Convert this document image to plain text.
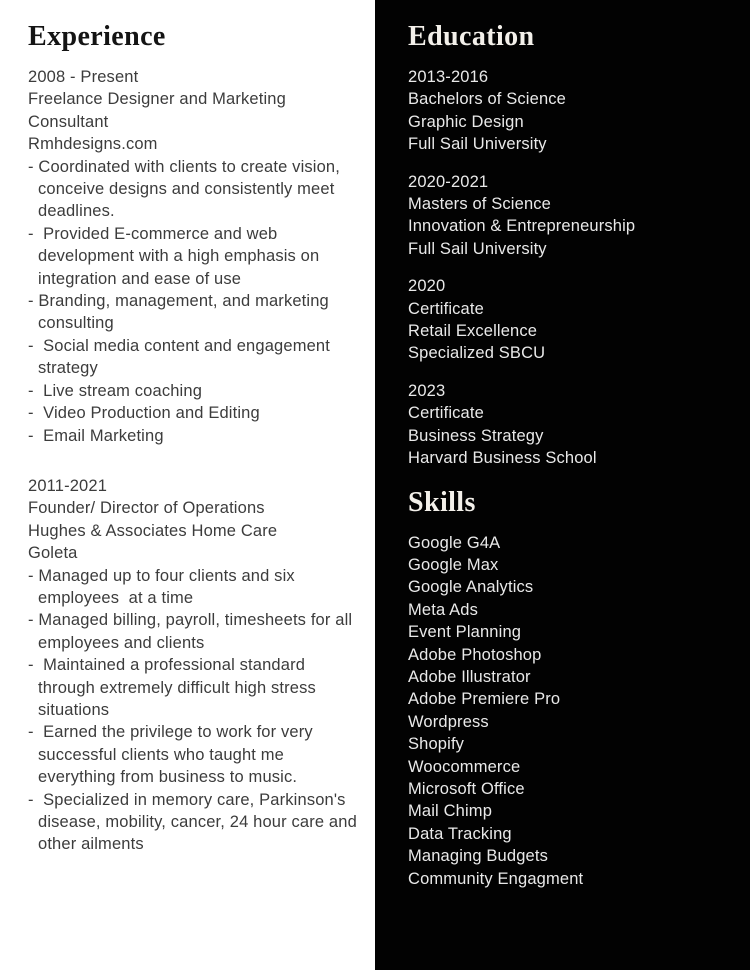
Experience
2008 - Present
Freelance Designer and Marketing Consultant
Rmhdesigns.com
- Coordinated with clients to create vision, conceive designs and consistently meet deadlines.
-  Provided E-commerce and web development with a high emphasis on integration and ease of use
- Branding, management, and marketing consulting
-  Social media content and engagement strategy
-  Live stream coaching
-  Video Production and Editing
-  Email Marketing
2011-2021
Founder/ Director of Operations
Hughes & Associates Home Care
Goleta
- Managed up to four clients and six employees  at a time
- Managed billing, payroll, timesheets for all employees and clients
-  Maintained a professional standard through extremely difficult high stress situations
-  Earned the privilege to work for very successful clients who taught me everything from business to music.
-  Specialized in memory care, Parkinson's disease, mobility, cancer, 24 hour care and other ailments
Education
2013-2016
Bachelors of Science
Graphic Design
Full Sail University
2020-2021
Masters of Science
Innovation & Entrepreneurship
Full Sail University
2020
Certificate
Retail Excellence
Specialized SBCU
2023
Certificate
Business Strategy
Harvard Business School
Skills
Google G4A
Google Max
Google Analytics
Meta Ads
Event Planning
Adobe Photoshop
Adobe Illustrator
Adobe Premiere Pro
Wordpress
Shopify
Woocommerce
Microsoft Office
Mail Chimp
Data Tracking
Managing Budgets
Community Engagment
